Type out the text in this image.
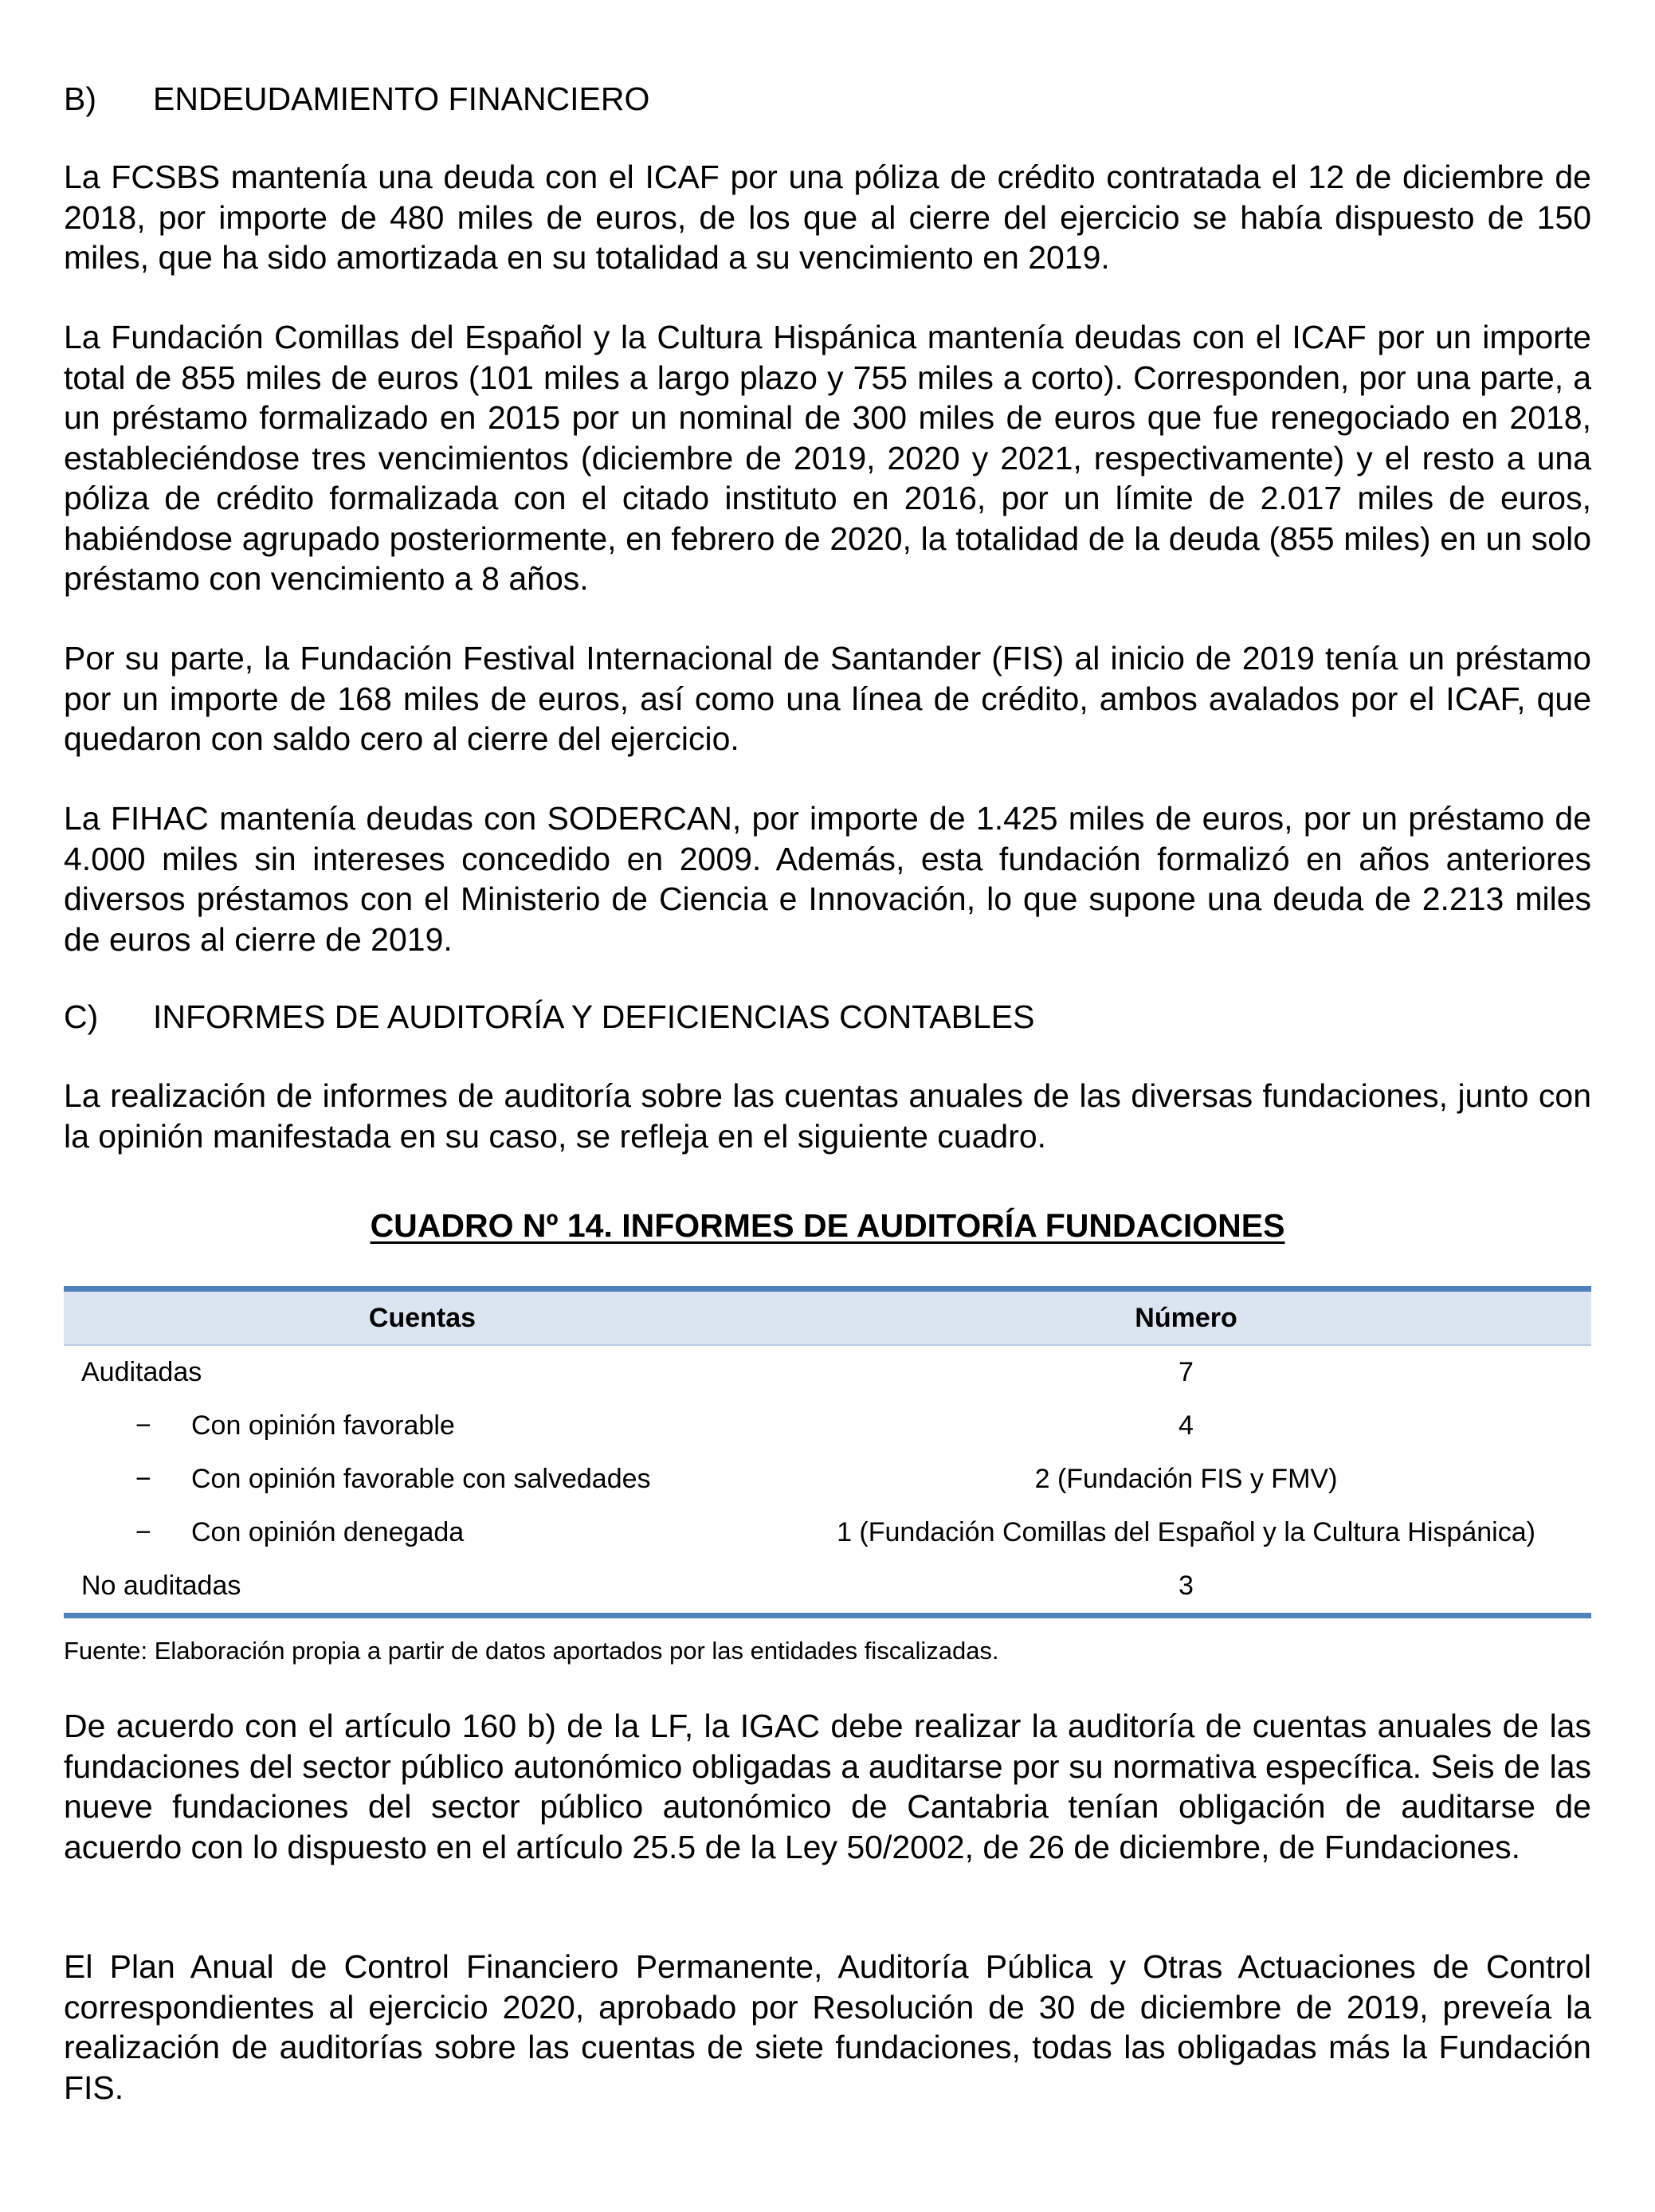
B) ENDEUDAMIENTO FINANCIERO

La FCSBS mantenía una deuda con el ICAF por una póliza de crédito contratada el 12 de diciembre de 2018, por importe de 480 miles de euros, de los que al cierre del ejercicio se había dispuesto de 150 miles, que ha sido amortizada en su totalidad a su vencimiento en 2019.

La Fundación Comillas del Español y la Cultura Hispánica mantenía deudas con el ICAF por un importe total de 855 miles de euros (101 miles a largo plazo y 755 miles a corto). Corresponden, por una parte, a un préstamo formalizado en 2015 por un nominal de 300 miles de euros que fue renegociado en 2018, estableciéndose tres vencimientos (diciembre de 2019, 2020 y 2021, respectivamente) y el resto a una póliza de crédito formalizada con el citado instituto en 2016, por un límite de 2.017 miles de euros, habiéndose agrupado posteriormente, en febrero de 2020, la totalidad de la deuda (855 miles) en un solo préstamo con vencimiento a 8 años.

Por su parte, la Fundación Festival Internacional de Santander (FIS) al inicio de 2019 tenía un préstamo por un importe de 168 miles de euros, así como una línea de crédito, ambos avalados por el ICAF, que quedaron con saldo cero al cierre del ejercicio.

La FIHAC mantenía deudas con SODERCAN, por importe de 1.425 miles de euros, por un préstamo de 4.000 miles sin intereses concedido en 2009. Además, esta fundación formalizó en años anteriores diversos préstamos con el Ministerio de Ciencia e Innovación, lo que supone una deuda de 2.213 miles de euros al cierre de 2019.

C) INFORMES DE AUDITORÍA Y DEFICIENCIAS CONTABLES

La realización de informes de auditoría sobre las cuentas anuales de las diversas fundaciones, junto con la opinión manifestada en su caso, se refleja en el siguiente cuadro.

CUADRO Nº 14. INFORMES DE AUDITORÍA FUNDACIONES
Cuentas	Número
Auditadas	7
− Con opinión favorable	4
− Con opinión favorable con salvedades	2 (Fundación FIS y FMV)
− Con opinión denegada	1 (Fundación Comillas del Español y la Cultura Hispánica)
No auditadas	3
Fuente: Elaboración propia a partir de datos aportados por las entidades fiscalizadas.

De acuerdo con el artículo 160 b) de la LF, la IGAC debe realizar la auditoría de cuentas anuales de las fundaciones del sector público autonómico obligadas a auditarse por su normativa específica. Seis de las nueve fundaciones del sector público autonómico de Cantabria tenían obligación de auditarse de acuerdo con lo dispuesto en el artículo 25.5 de la Ley 50/2002, de 26 de diciembre, de Fundaciones.

El Plan Anual de Control Financiero Permanente, Auditoría Pública y Otras Actuaciones de Control correspondientes al ejercicio 2020, aprobado por Resolución de 30 de diciembre de 2019, preveía la realización de auditorías sobre las cuentas de siete fundaciones, todas las obligadas más la Fundación FIS.
